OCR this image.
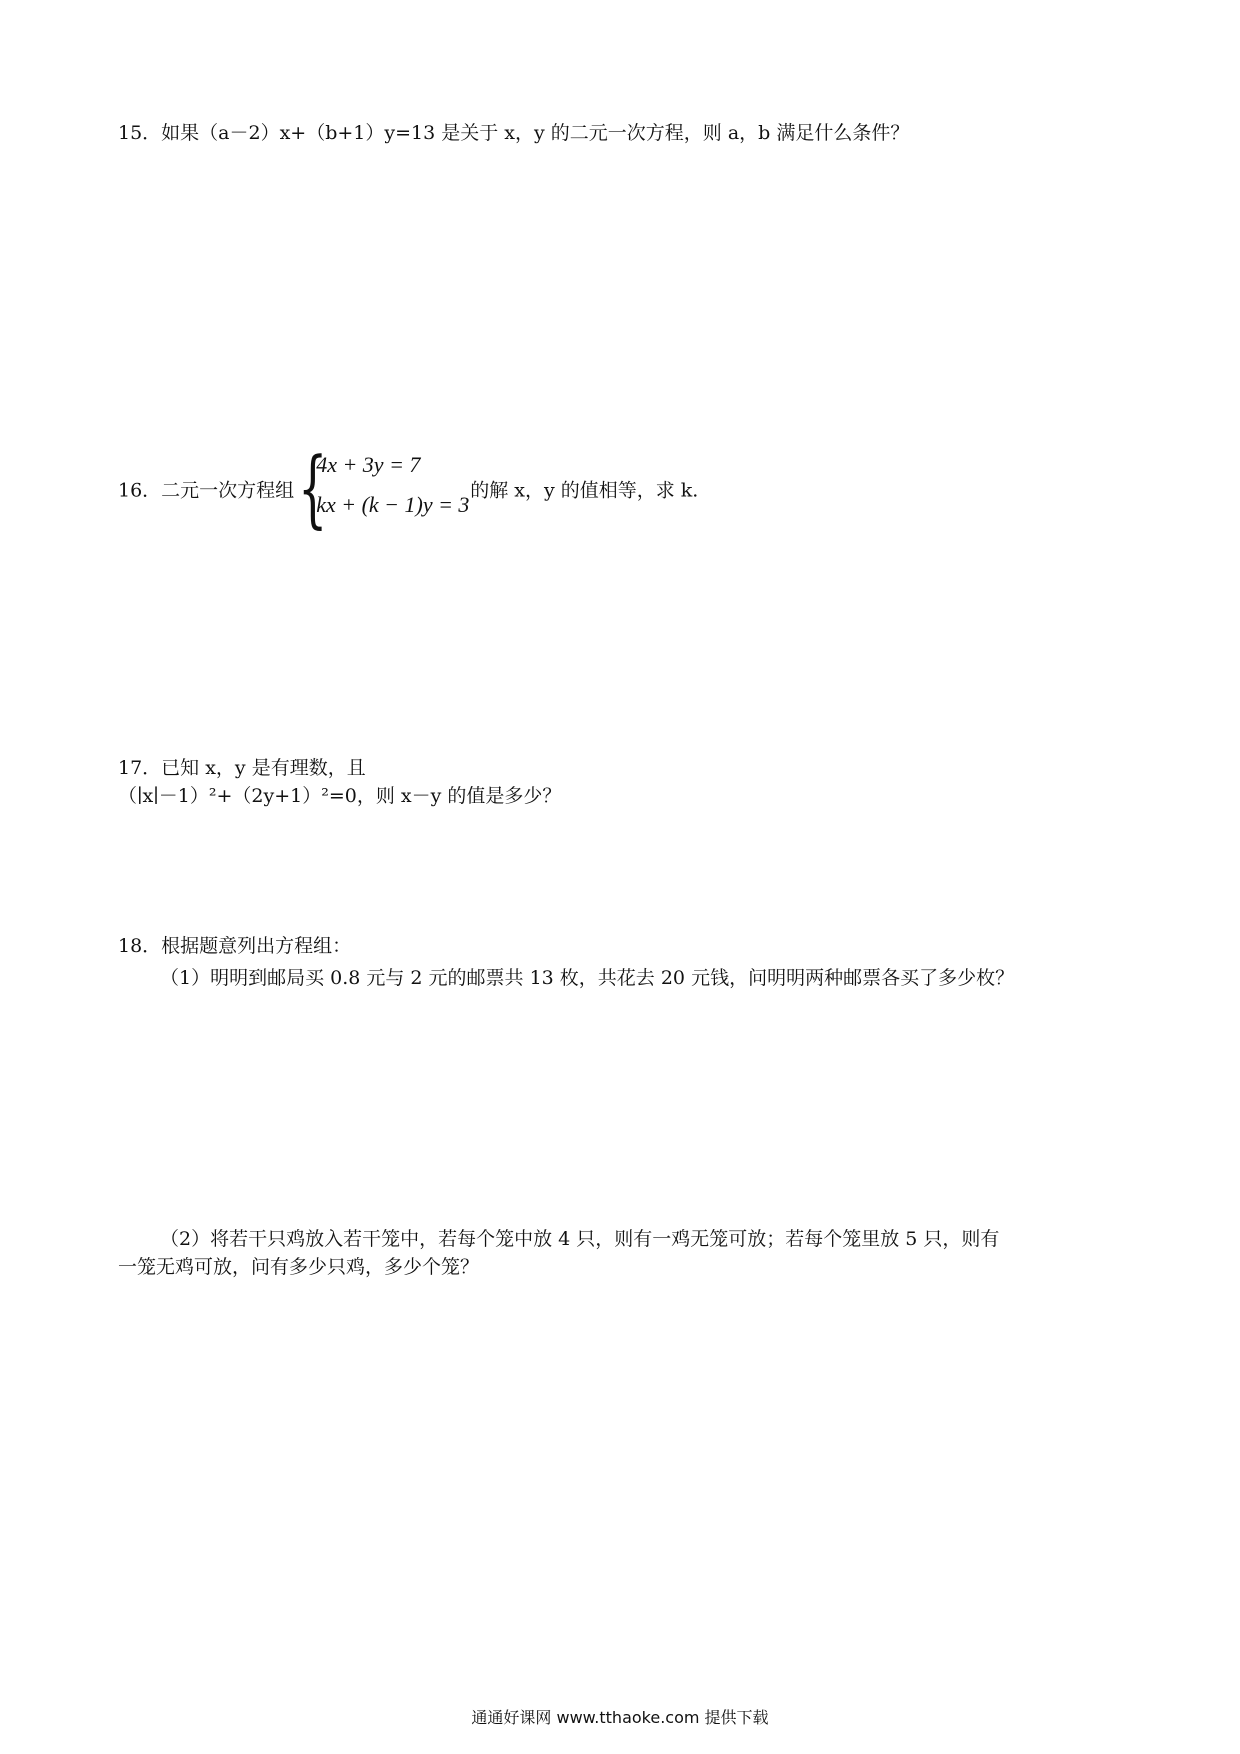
15．如果（a－2）x+（b+1）y=13 是关于 x，y 的二元一次方程，则 a，b 满足什么条件？
16．二元一次方程组 {
4x + 3y = 7
kx + (k − 1)y = 3
的解 x，y 的值相等，求 k.
17．已知 x，y 是有理数，且
（∣x∣－1）²+（2y+1）²=0，则 x－y 的值是多少？
18．根据题意列出方程组：
（1）明明到邮局买 0.8 元与 2 元的邮票共 13 枚，共花去 20 元钱，问明明两种邮票各买了多少枚？
（2）将若干只鸡放入若干笼中，若每个笼中放 4 只，则有一鸡无笼可放；若每个笼里放 5 只，则有
一笼无鸡可放，问有多少只鸡，多少个笼？
通通好课网 www.tthaoke.com 提供下载
